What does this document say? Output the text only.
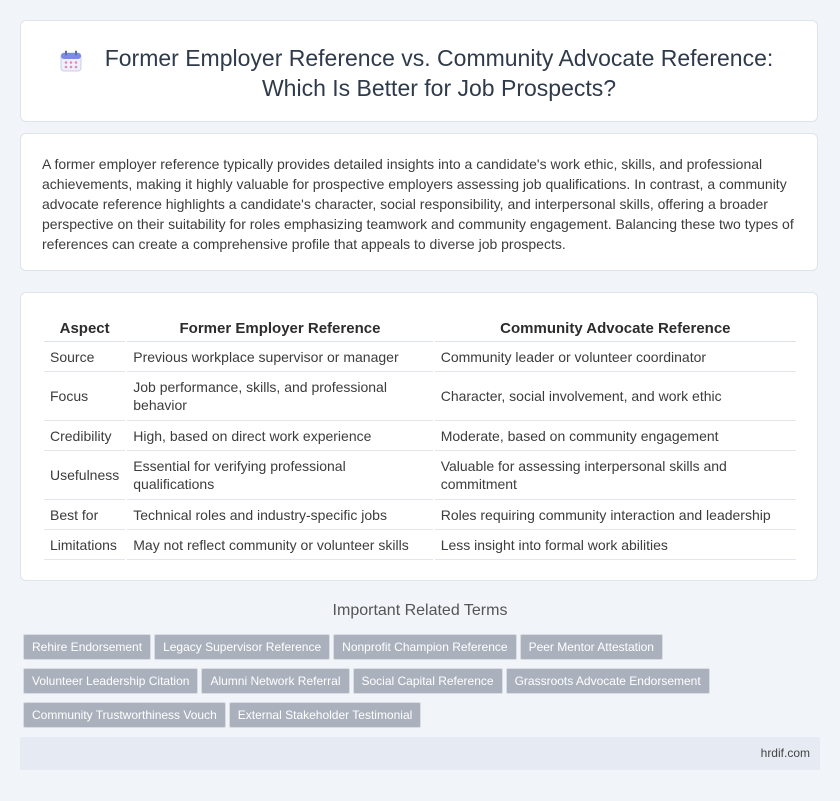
Former Employer Reference vs. Community Advocate Reference: Which Is Better for Job Prospects?
A former employer reference typically provides detailed insights into a candidate's work ethic, skills, and professional achievements, making it highly valuable for prospective employers assessing job qualifications. In contrast, a community advocate reference highlights a candidate's character, social responsibility, and interpersonal skills, offering a broader perspective on their suitability for roles emphasizing teamwork and community engagement. Balancing these two types of references can create a comprehensive profile that appeals to diverse job prospects.
Aspect	Former Employer Reference	Community Advocate Reference
Source	Previous workplace supervisor or manager	Community leader or volunteer coordinator
Focus	Job performance, skills, and professional behavior	Character, social involvement, and work ethic
Credibility	High, based on direct work experience	Moderate, based on community engagement
Usefulness	Essential for verifying professional qualifications	Valuable for assessing interpersonal skills and commitment
Best for	Technical roles and industry-specific jobs	Roles requiring community interaction and leadership
Limitations	May not reflect community or volunteer skills	Less insight into formal work abilities
Important Related Terms
Rehire Endorsement Legacy Supervisor Reference Nonprofit Champion Reference Peer Mentor Attestation
Volunteer Leadership Citation Alumni Network Referral Social Capital Reference Grassroots Advocate Endorsement
Community Trustworthiness Vouch External Stakeholder Testimonial
hrdif.com
